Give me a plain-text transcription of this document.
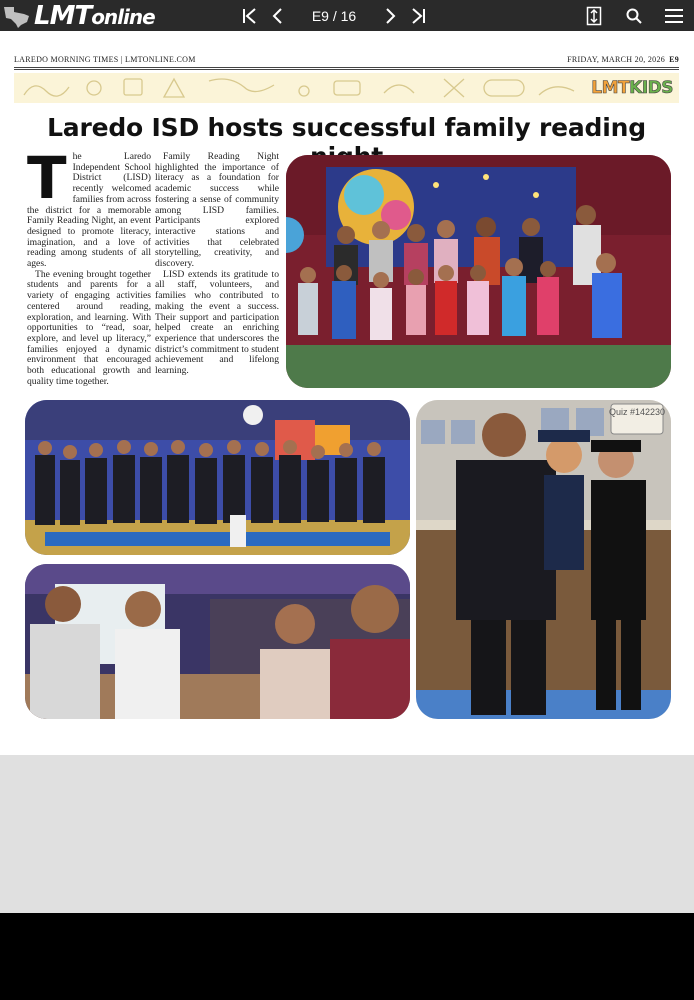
LMTonline	E9 / 16
LAREDO MORNING TIMES | LMTONLINE.COM	FRIDAY, MARCH 20, 2026 E9
LMTKIDS
Laredo ISD hosts successful family reading

The Laredo Independent School District (LISD) recently welcomed families from across the district for a memorable Family Reading Night, an event designed to promote literacy, imagination, and a love of reading among students of all ages.

The evening brought together students and parents for a variety of engaging activities centered around reading, exploration, and learning. With opportunities to “read, soar, explore, and level up literacy,” families enjoyed a dynamic environment that encouraged both educational growth and quality time together.

Family Reading Night highlighted the importance of literacy as a foundation for academic success while fostering a sense of community among LISD families. Participants explored interactive stations and activities that celebrated storytelling, creativity, and discovery.

LISD extends its gratitude to all staff, volunteers, and families who contributed to making the event a success. Their support and participation helped create an enriching experience that underscores the district’s commitment to student achievement and lifelong learning.

Quiz #142230
